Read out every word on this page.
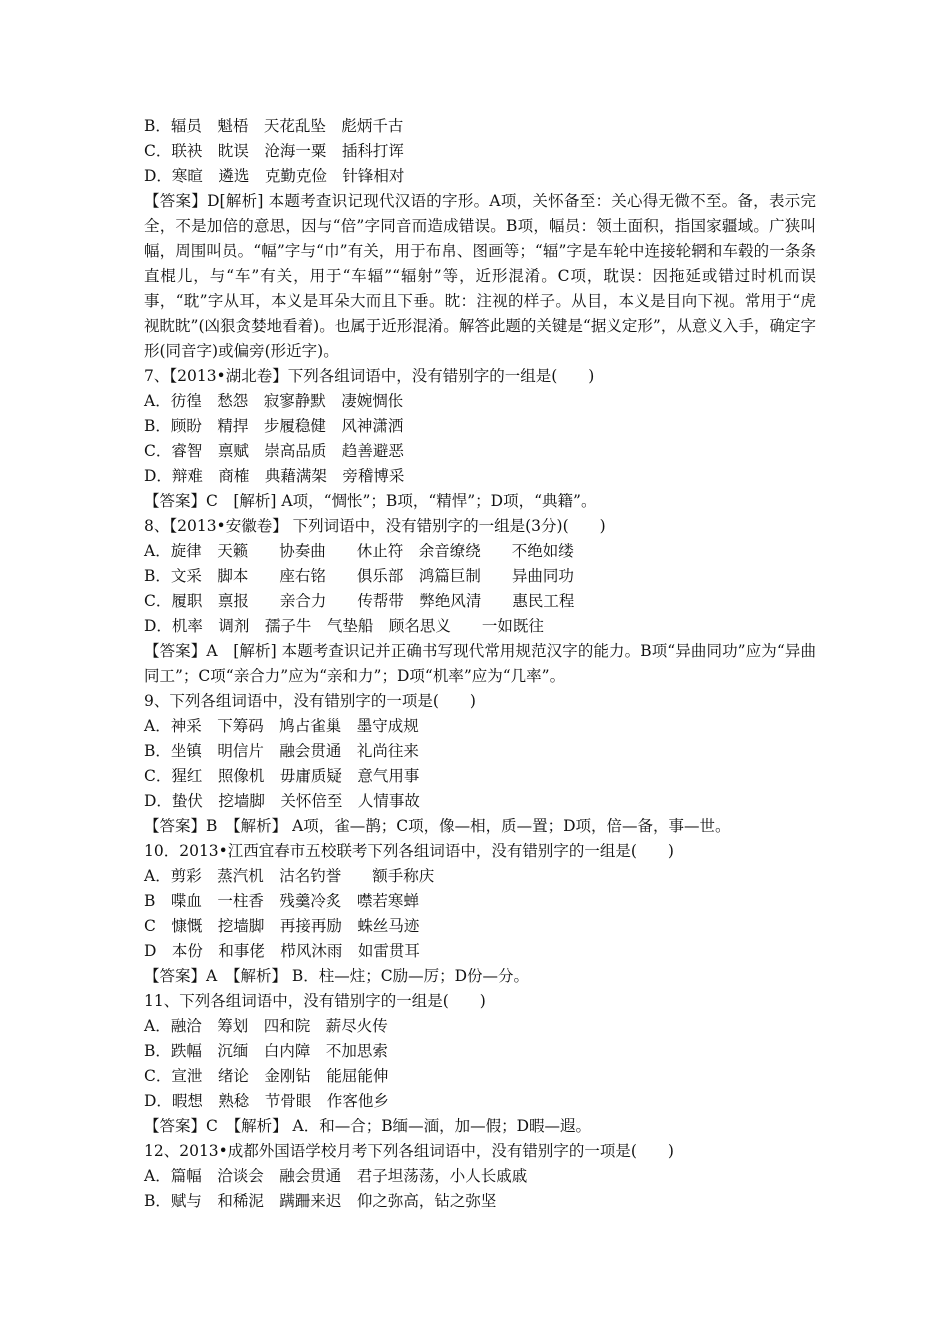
B．辐员　魁梧　天花乱坠　彪炳千古

C．联袂　眈误　沧海一粟　插科打诨

D．寒暄　遴选　克勤克俭　针锋相对

【答案】D[解析] 本题考查识记现代汉语的字形。A项，关怀备至：关心得无微不至。备，表示完全，不是加倍的意思，因与“倍”字同音而造成错误。B项，幅员：领土面积，指国家疆域。广狭叫幅，周围叫员。“幅”字与“巾”有关，用于布帛、图画等；“辐”字是车轮中连接轮辋和车毂的一条条直棍儿，与“车”有关，用于“车辐”“辐射”等，近形混淆。C项，耽误：因拖延或错过时机而误事，“耽”字从耳，本义是耳朵大而且下垂。眈：注视的样子。从目，本义是目向下视。常用于“虎视眈眈”(凶狠贪婪地看着)。也属于近形混淆。解答此题的关键是“据义定形”，从意义入手，确定字形(同音字)或偏旁(形近字)。

7、【2013•湖北卷】下列各组词语中，没有错别字的一组是(　　)

A．彷徨　愁怨　寂寥静默　凄婉惆伥

B．顾盼　精捍　步履稳健　风神潇洒

C．睿智　禀赋　崇高品质　趋善避恶

D．辩难　商榷　典藉满架　旁稽博采

【答案】C　[解析] A项，“惆怅”；B项，“精悍”；D项，“典籍”。

8、【2013•安徽卷】 下列词语中，没有错别字的一组是(3分)(　　)

A．旋律　天籁　　协奏曲　　休止符　余音缭绕　　不绝如缕

B．文采　脚本　　座右铭　　俱乐部　鸿篇巨制　　异曲同功

C．履职　禀报　　亲合力　　传帮带　弊绝风清　　惠民工程

D．机率　调剂　孺子牛　气垫船　顾名思义　　一如既往

【答案】A　[解析] 本题考查识记并正确书写现代常用规范汉字的能力。B项“异曲同功”应为“异曲同工”；C项“亲合力”应为“亲和力”；D项“机率”应为“几率”。

9、下列各组词语中，没有错别字的一项是(　　)

A．神采　下筹码　鸠占雀巢　墨守成规

B．坐镇　明信片　融会贯通　礼尚往来

C．猩红　照像机　毋庸质疑　意气用事

D．蛰伏　挖墙脚　关怀倍至　人情事故

【答案】B　【解析】 A项，雀—鹊；C项，像—相，质—置；D项，倍—备，事—世。

10．2013•江西宜春市五校联考下列各组词语中，没有错别字的一组是(　　)

A．剪彩　蒸汽机　沽名钓誉　　额手称庆

B　喋血　一柱香　残羹冷炙　噤若寒蝉

C　慷慨　挖墙脚　再接再励　蛛丝马迹

D　本份　和事佬　栉风沐雨　如雷贯耳

【答案】A　【解析】 B．柱—炷；C励—厉；D份—分。

11、下列各组词语中，没有错别字的一组是(　　)

A．融洽　筹划　四和院　薪尽火传

B．跌幅　沉缅　白内障　不加思索

C．宣泄　绪论　金刚钻　能屈能伸

D．暇想　熟稔　节骨眼　作客他乡

【答案】C　【解析】 A．和—合；B缅—湎，加—假；D暇—遐。

12、2013•成都外国语学校月考下列各组词语中，没有错别字的一项是(　　)

A．篇幅　洽谈会　融会贯通　君子坦荡荡，小人长戚戚

B．赋与　和稀泥　蹒跚来迟　仰之弥高，钻之弥坚
